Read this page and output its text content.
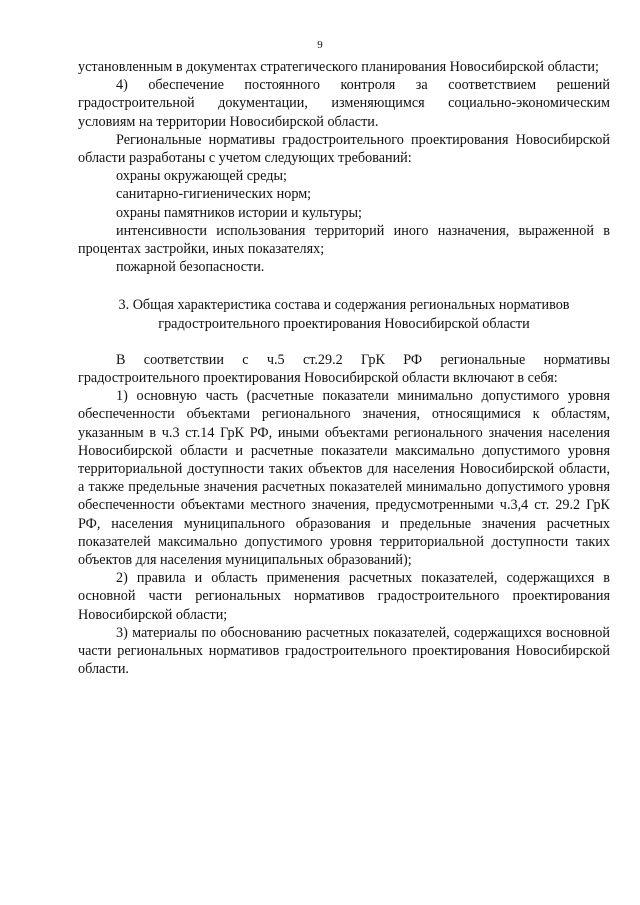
9

установленным в документах стратегического планирования Новосибирской области;

4) обеспечение постоянного контроля за соответствием решений градостроительной документации, изменяющимся социально-экономическим условиям на территории Новосибирской области.

Региональные нормативы градостроительного проектирования Новосибирской области разработаны с учетом следующих требований:

охраны окружающей среды;

санитарно-гигиенических норм;

охраны памятников истории и культуры;

интенсивности использования территорий иного назначения, выраженной в процентах застройки, иных показателях;

пожарной безопасности.

3. Общая характеристика состава и содержания региональных нормативов
градостроительного проектирования Новосибирской области

В соответствии с ч.5 ст.29.2 ГрК РФ региональные нормативы градостроительного проектирования Новосибирской области включают в себя:

1) основную часть (расчетные показатели минимально допустимого уровня обеспеченности объектами регионального значения, относящимися к областям, указанным в ч.3 ст.14 ГрК РФ, иными объектами регионального значения населения Новосибирской области и расчетные показатели максимально допустимого уровня территориальной доступности таких объектов для населения Новосибирской области, а также предельные значения расчетных показателей минимально допустимого уровня обеспеченности объектами местного значения, предусмотренными ч.3,4 ст. 29.2 ГрК РФ, населения муниципального образования и предельные значения расчетных показателей максимально допустимого уровня территориальной доступности таких объектов для населения муниципальных образований);

2) правила и область применения расчетных показателей, содержащихся в основной части региональных нормативов градостроительного проектирования Новосибирской области;

3) материалы по обоснованию расчетных показателей, содержащихся восновной части региональных нормативов градостроительного проектирования Новосибирской области.
